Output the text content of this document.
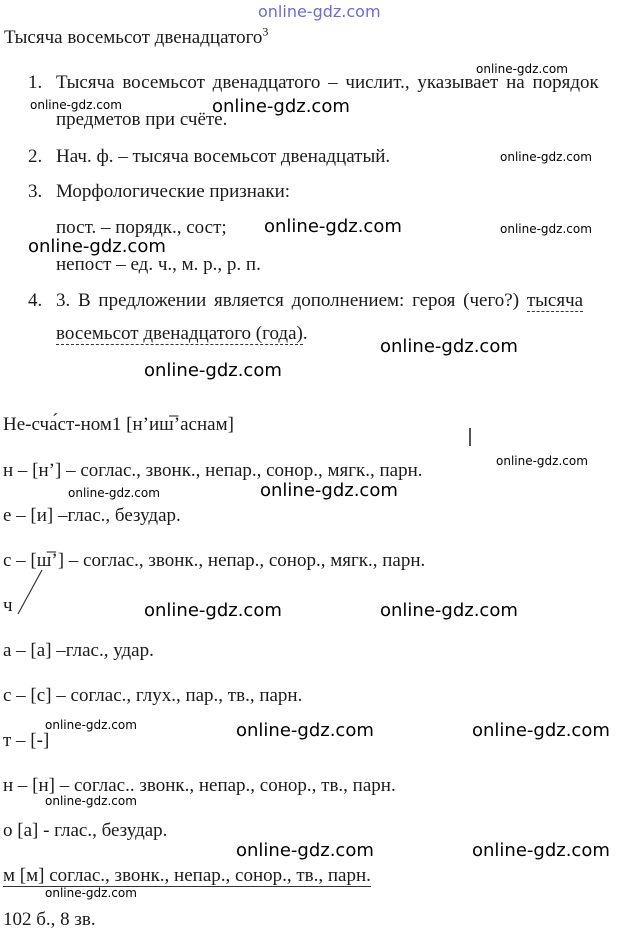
online-gdz.com
Тысяча восемьсот двенадцатого$^3$
1. Тысяча восемьсот двенадцатого – числит., указывает на порядок
предметов при счёте.
2. Нач. ф. – тысяча восемьсот двенадцатый.
3. Морфологические признаки:
пост. – порядк., сост;
непост – ед. ч., м. р., р. п.
4. 3. В предложении является дополнением: героя (чего?) тысяча
восемьсот двенадцатого (года).
Не-сча́ст-ном1 [н’иш̅’аснам]
н – [н’] – соглас., звонк., непар., сонор., мягк., парн.
е – [и] –глас., безудар.
с – [ш̅’] – соглас., звонк., непар., сонор., мягк., парн.
ч
а – [а] –глас., удар.
с – [с] – соглас., глух., пар., тв., парн.
т – [-]
н – [н] – соглас.. звонк., непар., сонор., тв., парн.
о [а] - глас., безудар.
м [м] соглас., звонк., непар., сонор., тв., парн.
102 б., 8 зв.
online-gdz.com
online-gdz.com	online-gdz.com
online-gdz.com
online-gdz.com	online-gdz.com
online-gdz.com
online-gdz.com
online-gdz.com
online-gdz.com
online-gdz.com
online-gdz.com
online-gdz.com	online-gdz.com
online-gdz.com	online-gdz.com	online-gdz.com
online-gdz.com
online-gdz.com	online-gdz.com
online-gdz.com
